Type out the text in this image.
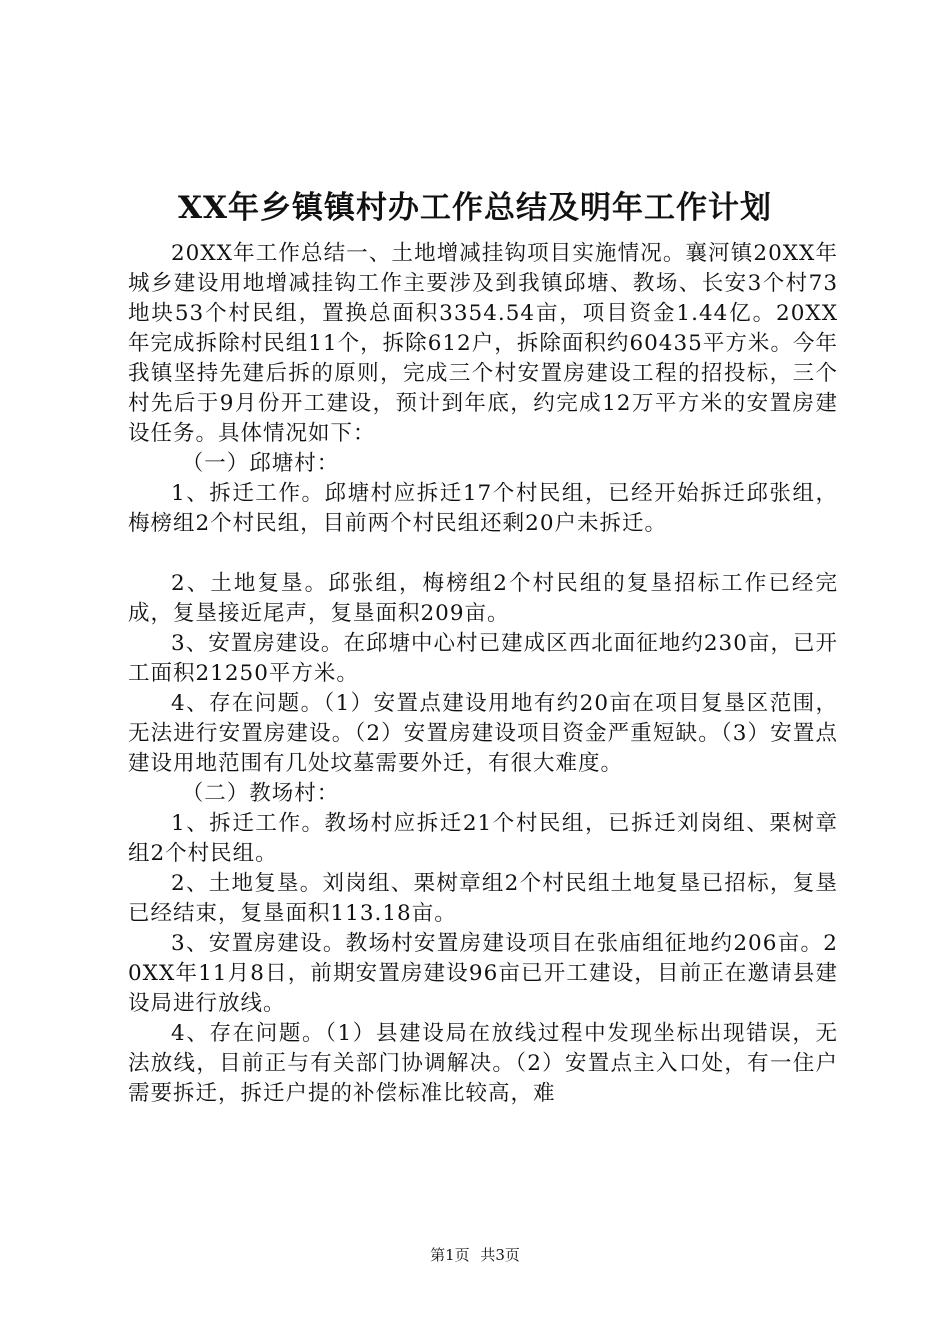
XX年乡镇镇村办工作总结及明年工作计划

20XX年工作总结一、土地增减挂钩项目实施情况。襄河镇20XX年城乡建设用地增减挂钩工作主要涉及到我镇邱塘、教场、长安3个村73地块53个村民组，置换总面积3354.54亩，项目资金1.44亿。20XX年完成拆除村民组11个，拆除612户，拆除面积约60435平方米。今年我镇坚持先建后拆的原则，完成三个村安置房建设工程的招投标，三个村先后于9月份开工建设，预计到年底，约完成12万平方米的安置房建设任务。具体情况如下：

（一）邱塘村：

1、拆迁工作。邱塘村应拆迁17个村民组，已经开始拆迁邱张组，梅榜组2个村民组，目前两个村民组还剩20户未拆迁。

2、土地复垦。邱张组，梅榜组2个村民组的复垦招标工作已经完成，复垦接近尾声，复垦面积209亩。

3、安置房建设。在邱塘中心村已建成区西北面征地约230亩，已开工面积21250平方米。

4、存在问题。（1）安置点建设用地有约20亩在项目复垦区范围，无法进行安置房建设。（2）安置房建设项目资金严重短缺。（3）安置点建设用地范围有几处坟墓需要外迁，有很大难度。

（二）教场村：

1、拆迁工作。教场村应拆迁21个村民组，已拆迁刘岗组、栗树章组2个村民组。

2、土地复垦。刘岗组、栗树章组2个村民组土地复垦已招标，复垦已经结束，复垦面积113.18亩。

3、安置房建设。教场村安置房建设项目在张庙组征地约206亩。20XX年11月8日，前期安置房建设96亩已开工建设，目前正在邀请县建设局进行放线。

4、存在问题。（1）县建设局在放线过程中发现坐标出现错误，无法放线，目前正与有关部门协调解决。（2）安置点主入口处，有一住户需要拆迁，拆迁户提的补偿标准比较高，难

第1页 共3页
